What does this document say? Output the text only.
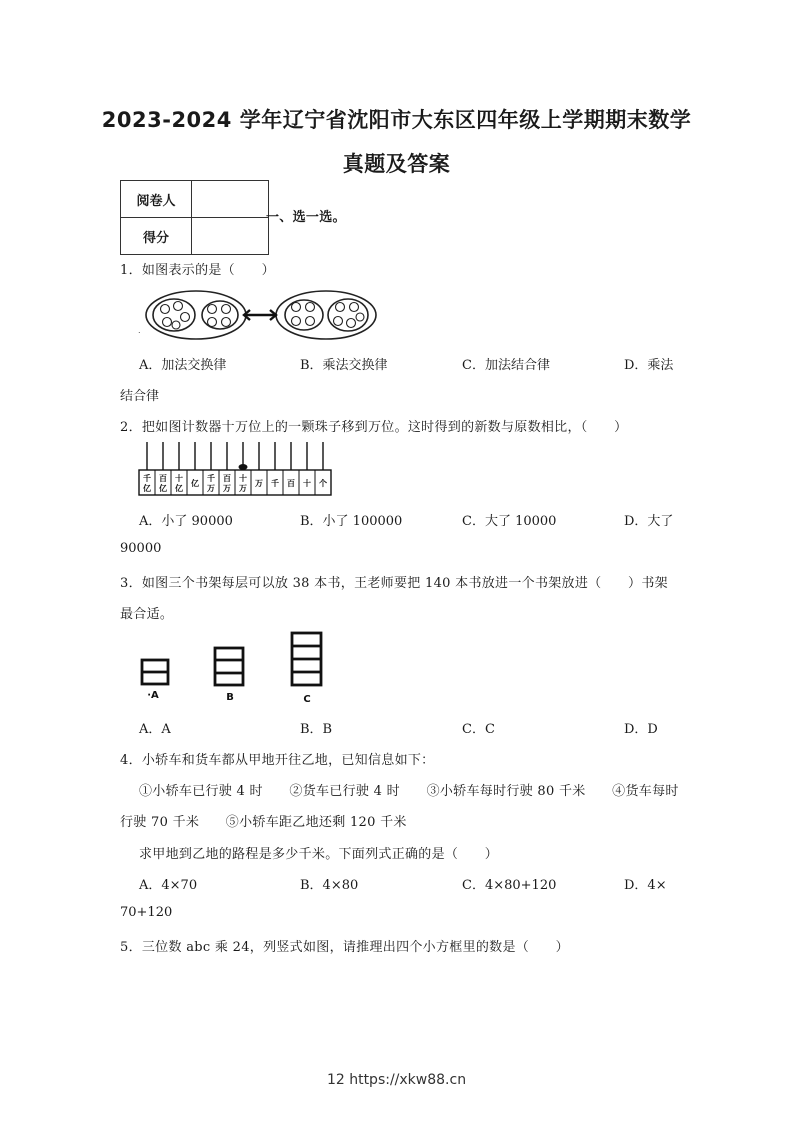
2023-2024 学年辽宁省沈阳市大东区四年级上学期期末数学
真题及答案
阅卷人	
得分	
一、选一选。
1．如图表示的是（　　）
.
A．加法交换律	B．乘法交换律	C．加法结合律	D．乘法
结合律
2．把如图计数器十万位上的一颗珠子移到万位。这时得到的新数与原数相比，（　　）
千
亿
百
亿
十
亿
亿
千
万
百
万
十
万
万 千 百 十 个
A．小了 90000	B．小了 100000	C．大了 10000	D．大了
90000
3．如图三个书架每层可以放 38 本书，王老师要把 140 本书放进一个书架放进（　　）书架
最合适。
·A	B	C
A．A	B．B	C．C	D．D
4．小轿车和货车都从甲地开往乙地，已知信息如下：
①小轿车已行驶 4 时　　②货车已行驶 4 时　　③小轿车每时行驶 80 千米　　④货车每时
行驶 70 千米　　⑤小轿车距乙地还剩 120 千米
求甲地到乙地的路程是多少千米。下面列式正确的是（　　）
A．4×70	B．4×80	C．4×80+120	D．4×
70+120
5．三位数 abc 乘 24，列竖式如图，请推理出四个小方框里的数是（　　）
12 https://xkw88.cn
